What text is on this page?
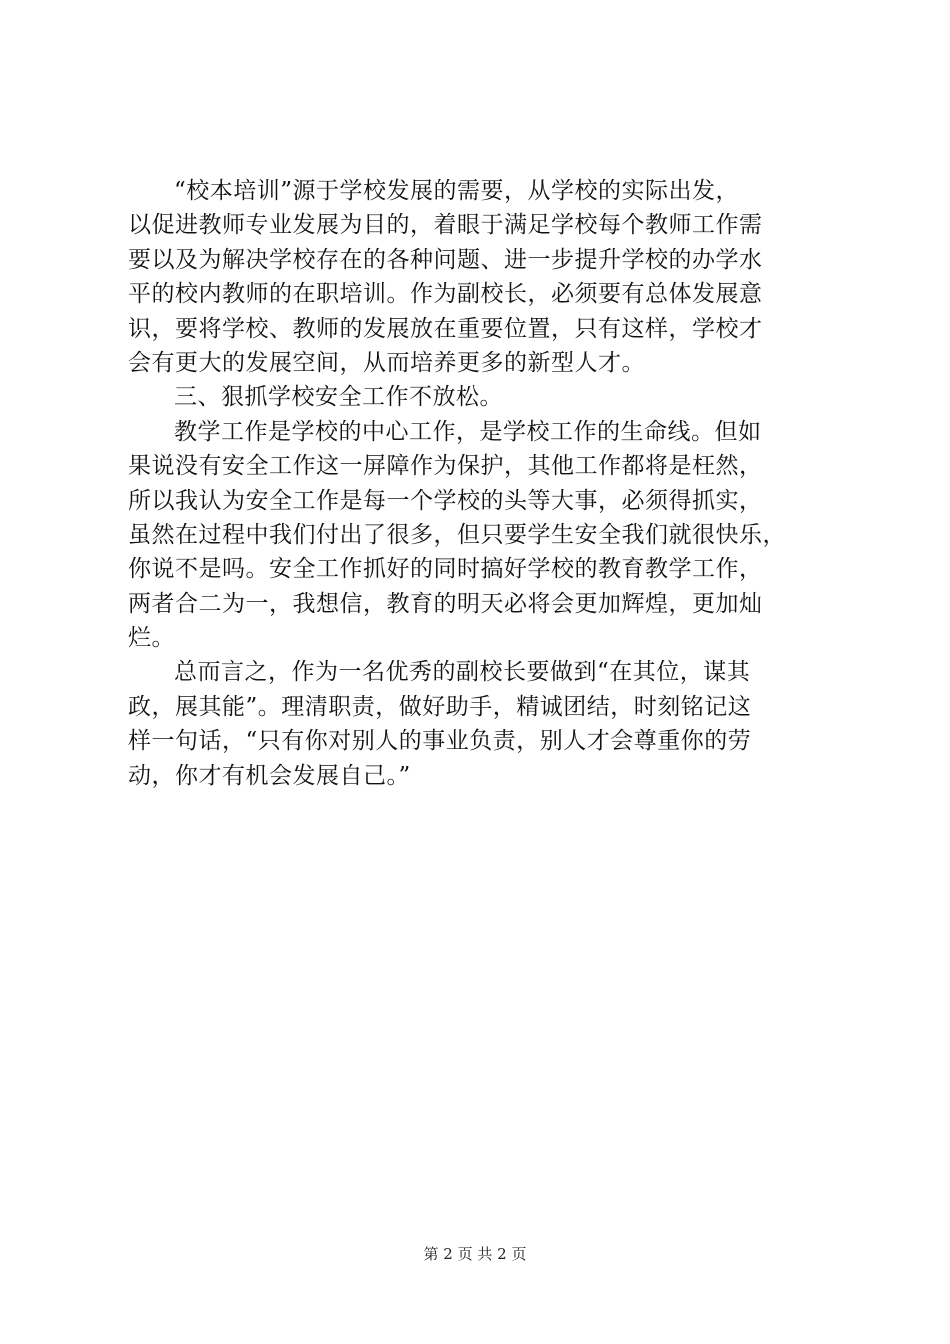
“校本培训”源于学校发展的需要，从学校的实际出发，
以促进教师专业发展为目的，着眼于满足学校每个教师工作需
要以及为解决学校存在的各种问题、进一步提升学校的办学水
平的校内教师的在职培训。作为副校长，必须要有总体发展意
识，要将学校、教师的发展放在重要位置，只有这样，学校才
会有更大的发展空间，从而培养更多的新型人才。
三、狠抓学校安全工作不放松。
教学工作是学校的中心工作，是学校工作的生命线。但如
果说没有安全工作这一屏障作为保护，其他工作都将是枉然，
所以我认为安全工作是每一个学校的头等大事，必须得抓实，
虽然在过程中我们付出了很多，但只要学生安全我们就很快乐，
你说不是吗。安全工作抓好的同时搞好学校的教育教学工作，
两者合二为一，我想信，教育的明天必将会更加辉煌，更加灿
烂。
总而言之，作为一名优秀的副校长要做到“在其位，谋其
政，展其能”。理清职责，做好助手，精诚团结，时刻铭记这
样一句话，“只有你对别人的事业负责，别人才会尊重你的劳
动，你才有机会发展自己。”
第 2 页 共 2 页
